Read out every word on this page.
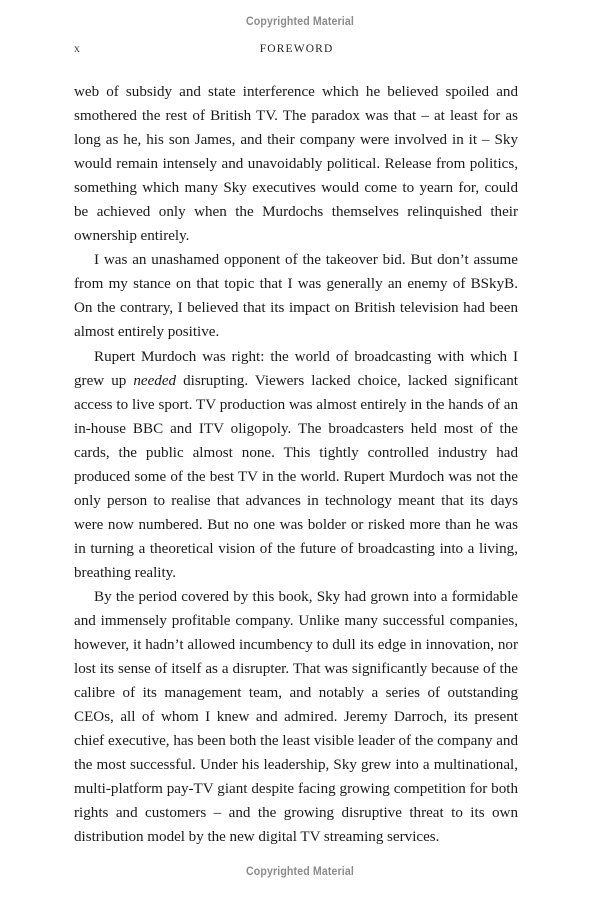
Copyrighted Material
x	FOREWORD

web of subsidy and state interference which he believed spoiled and smothered the rest of British TV. The paradox was that – at least for as long as he, his son James, and their company were involved in it – Sky would remain intensely and unavoidably political. Release from politics, something which many Sky executives would come to yearn for, could be achieved only when the Murdochs themselves relinquished their ownership entirely.

I was an unashamed opponent of the takeover bid. But don’t assume from my stance on that topic that I was generally an enemy of BSkyB. On the contrary, I believed that its impact on British television had been almost entirely positive.

Rupert Murdoch was right: the world of broadcasting with which I grew up needed disrupting. Viewers lacked choice, lacked significant access to live sport. TV production was almost entirely in the hands of an in-house BBC and ITV oligopoly. The broadcasters held most of the cards, the public almost none. This tightly controlled industry had produced some of the best TV in the world. Rupert Murdoch was not the only person to realise that advances in technology meant that its days were now numbered. But no one was bolder or risked more than he was in turning a theoretical vision of the future of broadcasting into a living, breathing reality.

By the period covered by this book, Sky had grown into a formidable and immensely profitable company. Unlike many successful companies, however, it hadn’t allowed incumbency to dull its edge in innovation, nor lost its sense of itself as a disrupter. That was significantly because of the calibre of its management team, and notably a series of outstanding CEOs, all of whom I knew and admired. Jeremy Darroch, its present chief executive, has been both the least visible leader of the company and the most successful. Under his leadership, Sky grew into a multinational, multi-platform pay-TV giant despite facing growing competition for both rights and customers – and the growing disruptive threat to its own distribution model by the new digital TV streaming services.

Copyrighted Material
